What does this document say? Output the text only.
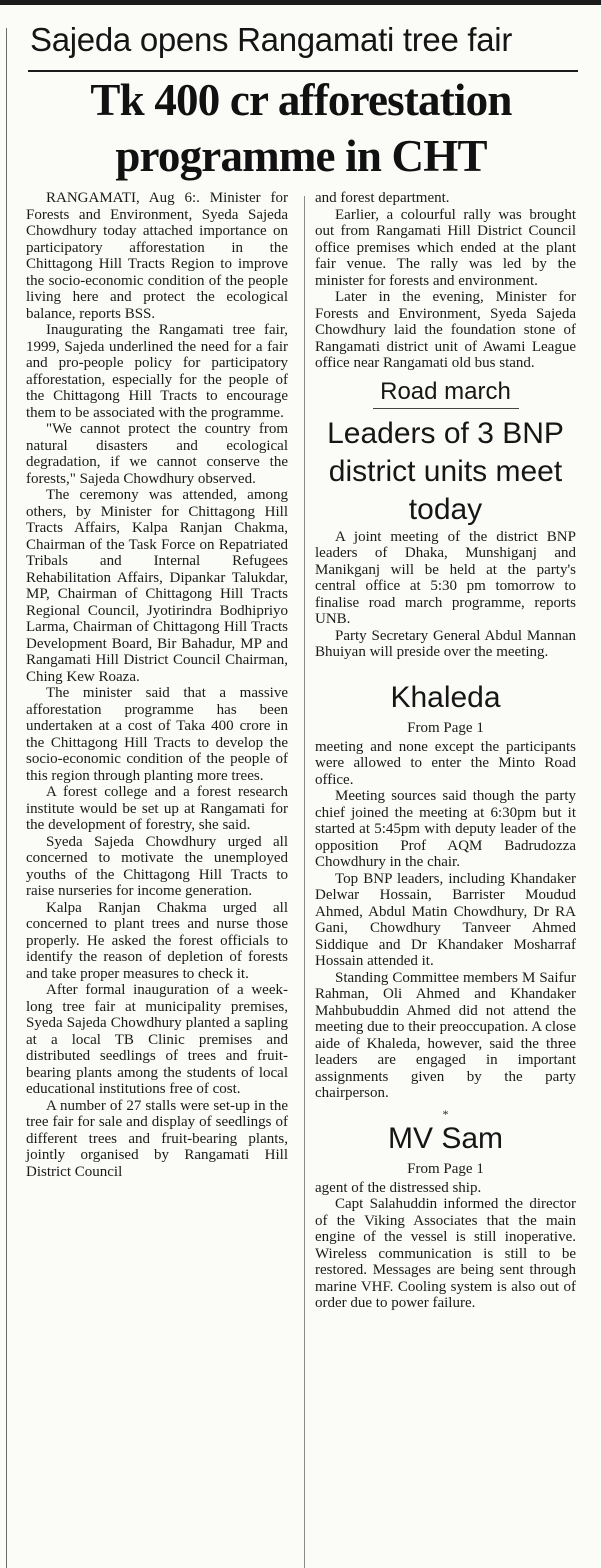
Sajeda opens Rangamati tree fair
Tk 400 cr afforestation
programme in CHT

RANGAMATI, Aug 6:. Minister for Forests and Environment, Syeda Sajeda Chowdhury today attached importance on participatory afforestation in the Chittagong Hill Tracts Region to improve the socio-economic condition of the people living here and protect the ecological balance, reports BSS.

Inaugurating the Rangamati tree fair, 1999, Sajeda underlined the need for a fair and pro-people policy for participatory afforestation, especially for the people of the Chittagong Hill Tracts to encourage them to be associated with the programme.

"We cannot protect the country from natural disasters and ecological degradation, if we cannot conserve the forests," Sajeda Chowdhury observed.

The ceremony was attended, among others, by Minister for Chittagong Hill Tracts Affairs, Kalpa Ranjan Chakma, Chairman of the Task Force on Repatriated Tribals and Internal Refugees Rehabilitation Affairs, Dipankar Talukdar, MP, Chairman of Chittagong Hill Tracts Regional Council, Jyotirindra Bodhipriyo Larma, Chairman of Chittagong Hill Tracts Development Board, Bir Bahadur, MP and Rangamati Hill District Council Chairman, Ching Kew Roaza.

The minister said that a massive afforestation programme has been undertaken at a cost of Taka 400 crore in the Chittagong Hill Tracts to develop the socio-economic condition of the people of this region through planting more trees.

A forest college and a forest research institute would be set up at Rangamati for the development of forestry, she said.

Syeda Sajeda Chowdhury urged all concerned to motivate the unemployed youths of the Chittagong Hill Tracts to raise nurseries for income generation.

Kalpa Ranjan Chakma urged all concerned to plant trees and nurse those properly. He asked the forest officials to identify the reason of depletion of forests and take proper measures to check it.

After formal inauguration of a week-long tree fair at municipality premises, Syeda Sajeda Chowdhury planted a sapling at a local TB Clinic premises and distributed seedlings of trees and fruit-bearing plants among the students of local educational institutions free of cost.

A number of 27 stalls were set-up in the tree fair for sale and display of seedlings of different trees and fruit-bearing plants, jointly organised by Rangamati Hill District Council

and forest department.

Earlier, a colourful rally was brought out from Rangamati Hill District Council office premises which ended at the plant fair venue. The rally was led by the minister for forests and environment.

Later in the evening, Minister for Forests and Environment, Syeda Sajeda Chowdhury laid the foundation stone of Rangamati district unit of Awami League office near Rangamati old bus stand.

Road march
Leaders of 3 BNP district units meet today

A joint meeting of the district BNP leaders of Dhaka, Munshiganj and Manikganj will be held at the party's central office at 5:30 pm tomorrow to finalise road march programme, reports UNB.

Party Secretary General Abdul Mannan Bhuiyan will preside over the meeting.

Khaleda
From Page 1

meeting and none except the participants were allowed to enter the Minto Road office.

Meeting sources said though the party chief joined the meeting at 6:30pm but it started at 5:45pm with deputy leader of the opposition Prof AQM Badrudozza Chowdhury in the chair.

Top BNP leaders, including Khandaker Delwar Hossain, Barrister Moudud Ahmed, Abdul Matin Chowdhury, Dr RA Gani, Chowdhury Tanveer Ahmed Siddique and Dr Khandaker Mosharraf Hossain attended it.

Standing Committee members M Saifur Rahman, Oli Ahmed and Khandaker Mahbubuddin Ahmed did not attend the meeting due to their preoccupation. A close aide of Khaleda, however, said the three leaders are engaged in important assignments given by the party chairperson.

*
MV Sam
From Page 1

agent of the distressed ship.

Capt Salahuddin informed the director of the Viking Associates that the main engine of the vessel is still inoperative. Wireless communication is still to be restored. Messages are being sent through marine VHF. Cooling system is also out of order due to power failure.
